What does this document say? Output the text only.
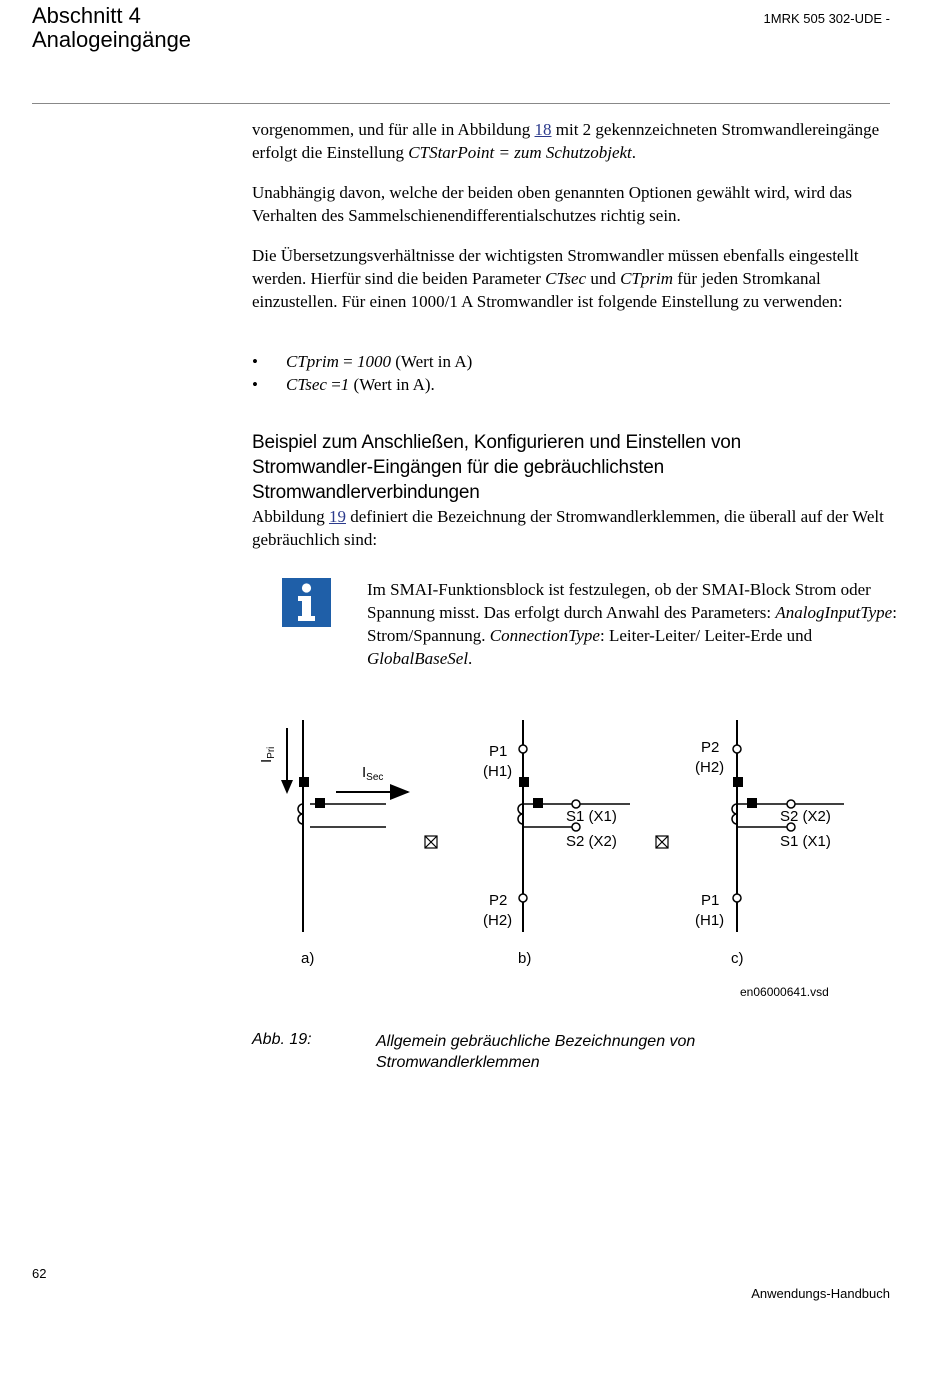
Abschnitt 4
Analogeingänge
1MRK 505 302-UDE -

vorgenommen, und für alle in Abbildung 18 mit 2 gekennzeichneten Stromwandlereingänge erfolgt die Einstellung CTStarPoint = zum Schutzobjekt.

Unabhängig davon, welche der beiden oben genannten Optionen gewählt wird, wird das Verhalten des Sammelschienendifferentialschutzes richtig sein.

Die Übersetzungsverhältnisse der wichtigsten Stromwandler müssen ebenfalls eingestellt werden. Hierfür sind die beiden Parameter CTsec und CTprim für jeden Stromkanal einzustellen. Für einen 1000/1 A Stromwandler ist folgende Einstellung zu verwenden:

• CTprim = 1000 (Wert in A)
• CTsec =1 (Wert in A).
Beispiel zum Anschließen, Konfigurieren und Einstellen von Stromwandler-Eingängen für die gebräuchlichsten Stromwandlerverbindungen

Abbildung 19 definiert die Bezeichnung der Stromwandlerklemmen, die überall auf der Welt gebräuchlich sind:

Im SMAI-Funktionsblock ist festzulegen, ob der SMAI-Block Strom oder Spannung misst. Das erfolgt durch Anwahl des Parameters: AnalogInputType: Strom/Spannung. ConnectionType: Leiter-Leiter/ Leiter-Erde und GlobalBaseSel.
$I_{Pri}$
$I_{Sec}$
a)
P1
(H1)
S1 (X1)
S2 (X2)
P2
(H2)
b)
P2
(H2)
S2 (X2)
S1 (X1)
P1
(H1)
c)
en06000641.vsd
Abb. 19:	Allgemein gebräuchliche Bezeichnungen von Stromwandlerklemmen
62
Anwendungs-Handbuch
